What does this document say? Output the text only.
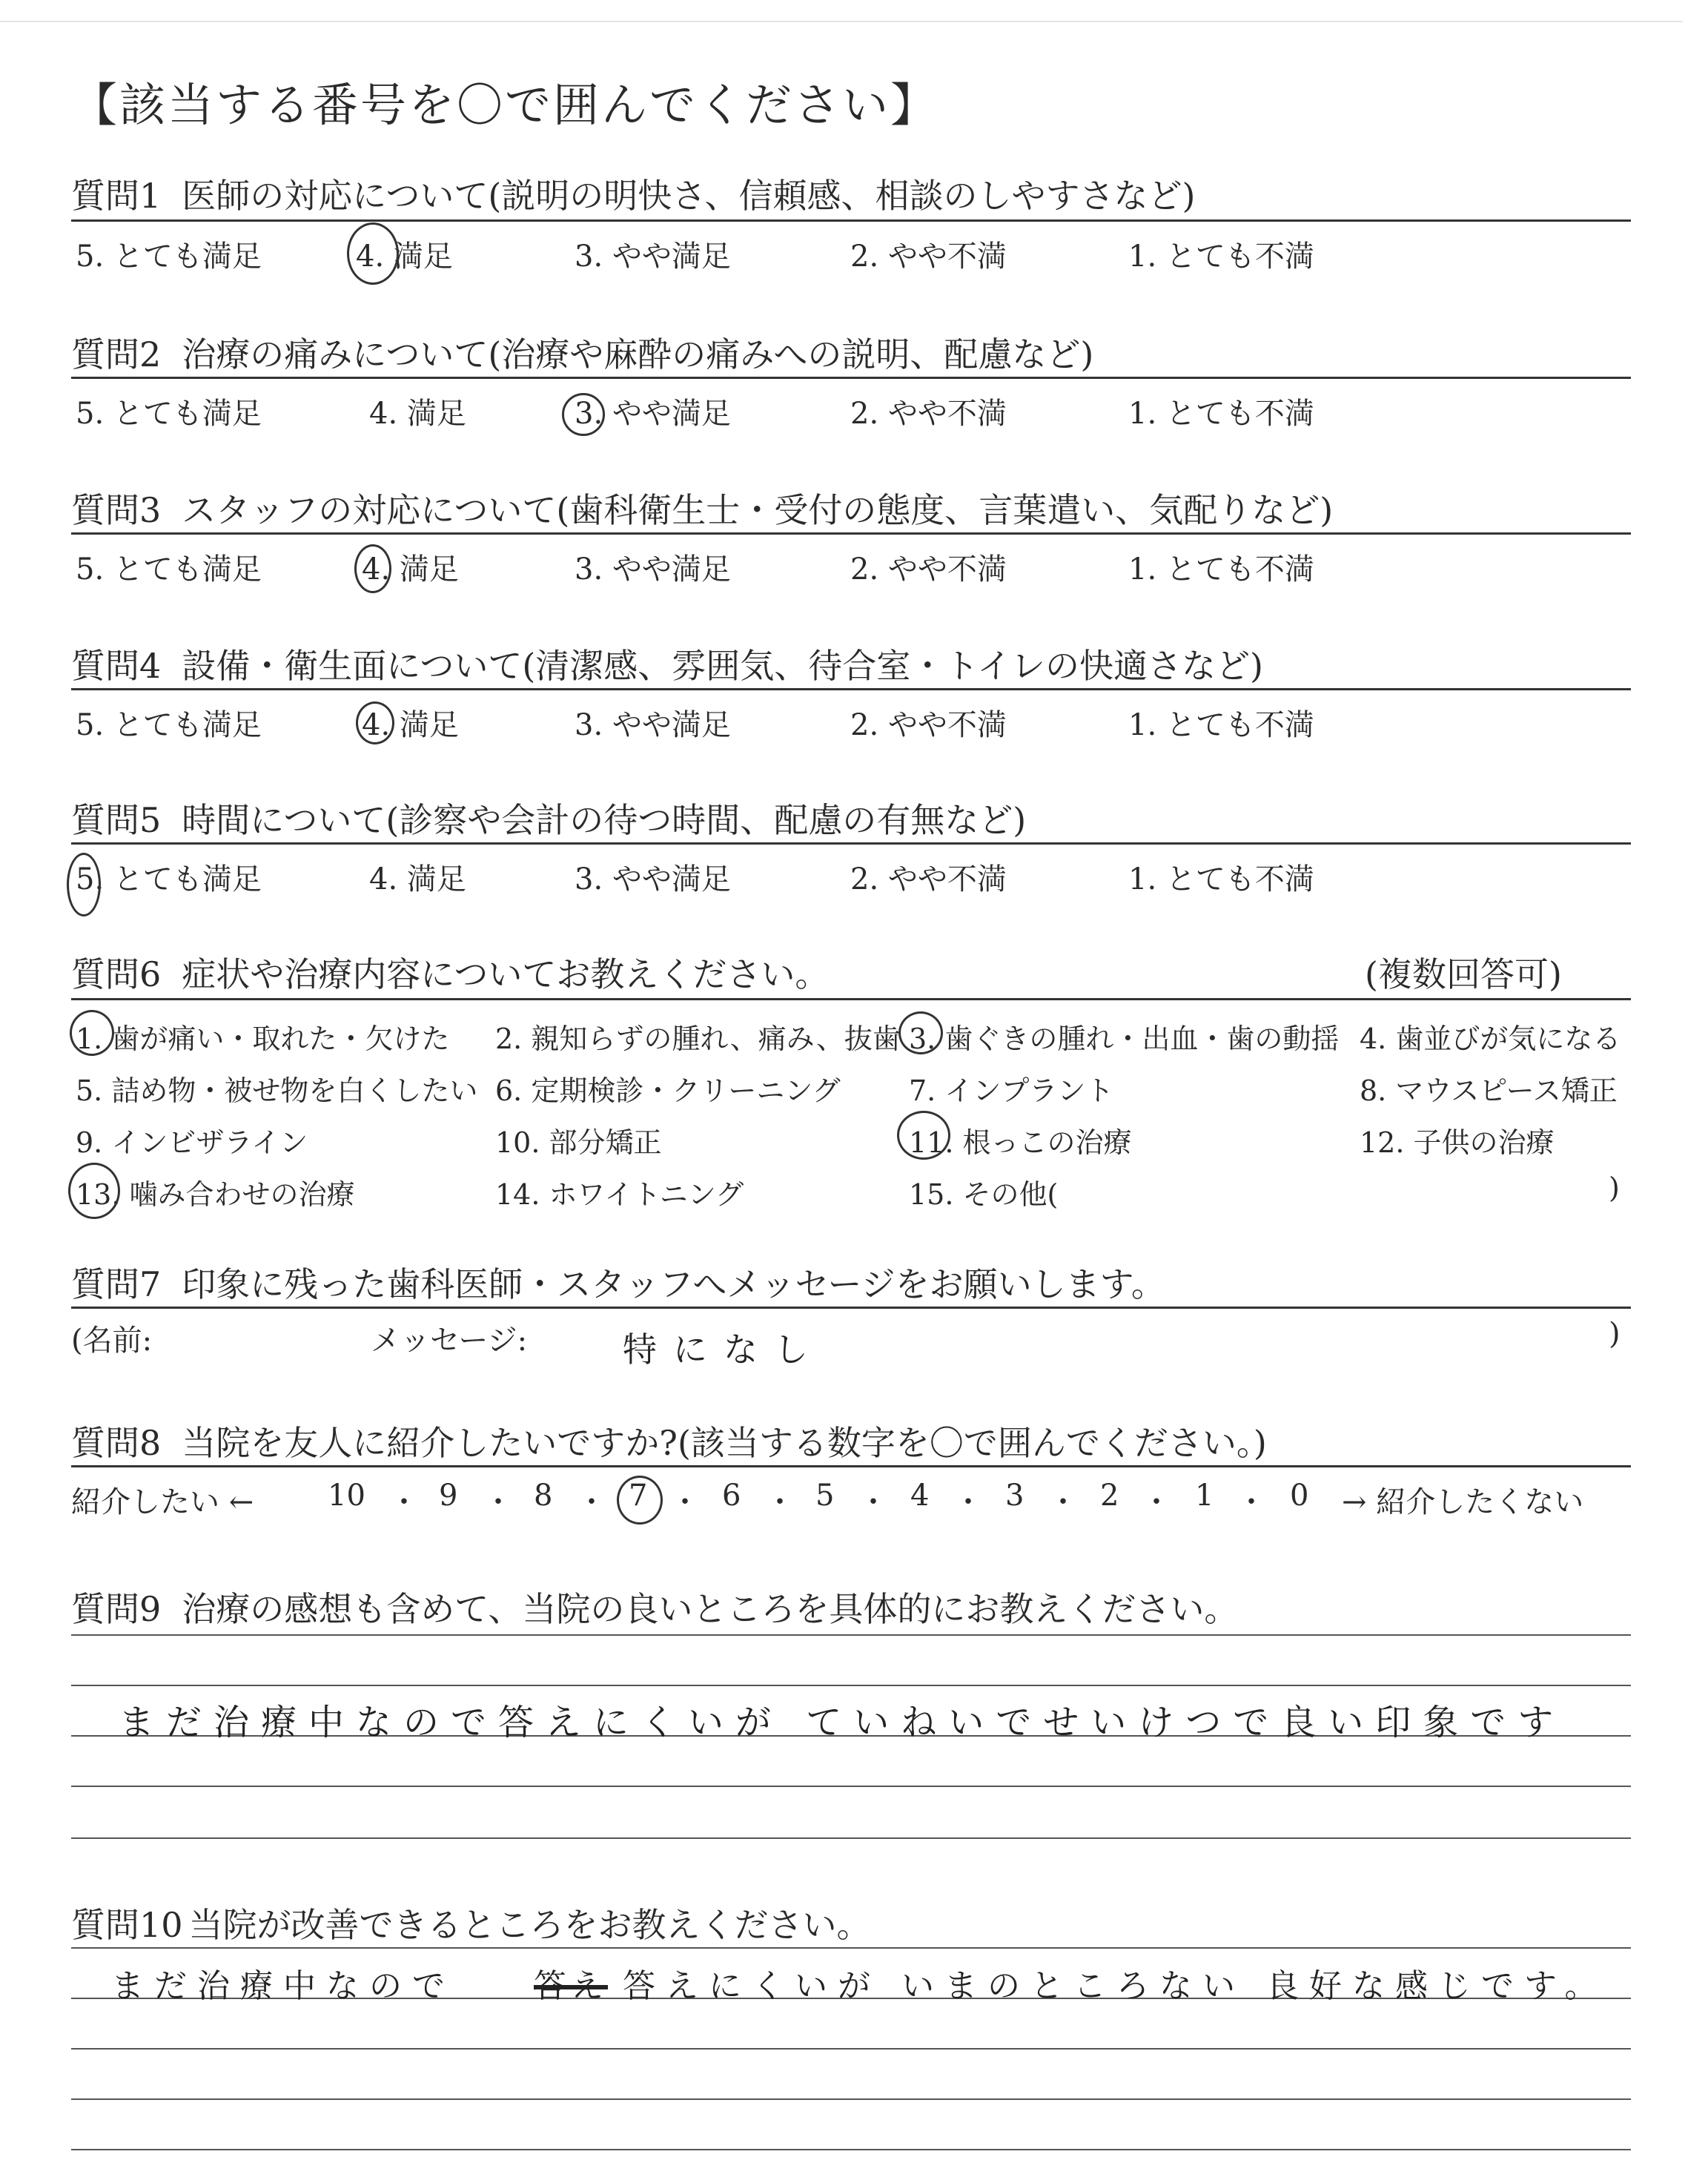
【該当する番号を〇で囲んでください】
質問1 医師の対応について(説明の明快さ、信頼感、相談のしやすさなど)
5. とても満足	4. 満足	3. やや満足	2. やや不満	1. とても不満
質問2 治療の痛みについて(治療や麻酔の痛みへの説明、配慮など)
5. とても満足	4. 満足	3. やや満足	2. やや不満	1. とても不満
質問3 スタッフの対応について(歯科衛生士・受付の態度、言葉遣い、気配りなど)
5. とても満足	4. 満足	3. やや満足	2. やや不満	1. とても不満
質問4 設備・衛生面について(清潔感、雰囲気、待合室・トイレの快適さなど)
5. とても満足	4. 満足	3. やや満足	2. やや不満	1. とても不満
質問5 時間について(診察や会計の待つ時間、配慮の有無など)
5. とても満足	4. 満足	3. やや満足	2. やや不満	1. とても不満
質問6 症状や治療内容についてお教えください。	(複数回答可)
1. 歯が痛い・取れた・欠けた 2. 親知らずの腫れ、痛み、抜歯 3. 歯ぐきの腫れ・出血・歯の動揺 4. 歯並びが気になる
5. 詰め物・被せ物を白くしたい 6. 定期検診・クリーニング 7. インプラント	8. マウスピース矯正
9. インビザライン	10. 部分矯正	11. 根っこの治療	12. 子供の治療
13. 噛み合わせの治療	14. ホワイトニング	15. その他(	)
質問7 印象に残った歯科医師・スタッフへメッセージをお願いします。
(名前:	メッセージ:	)
特になし
質問8 当院を友人に紹介したいですか?(該当する数字を〇で囲んでください。)
紹介したい ←	→ 紹介したくない
10 ・ 9 ・ 8 ・ 7 ・ 6 ・ 5 ・ 4 ・ 3 ・ 2 ・ 1 ・ 0
質問9 治療の感想も含めて、当院の良いところを具体的にお教えください。
まだ治療中なので答えにくいが ていねいでせいけつで良い印象です
質問10 当院が改善できるところをお教えください。
まだ治療中なので 答え 答えにくいが いまのところない 良好な感じです。
